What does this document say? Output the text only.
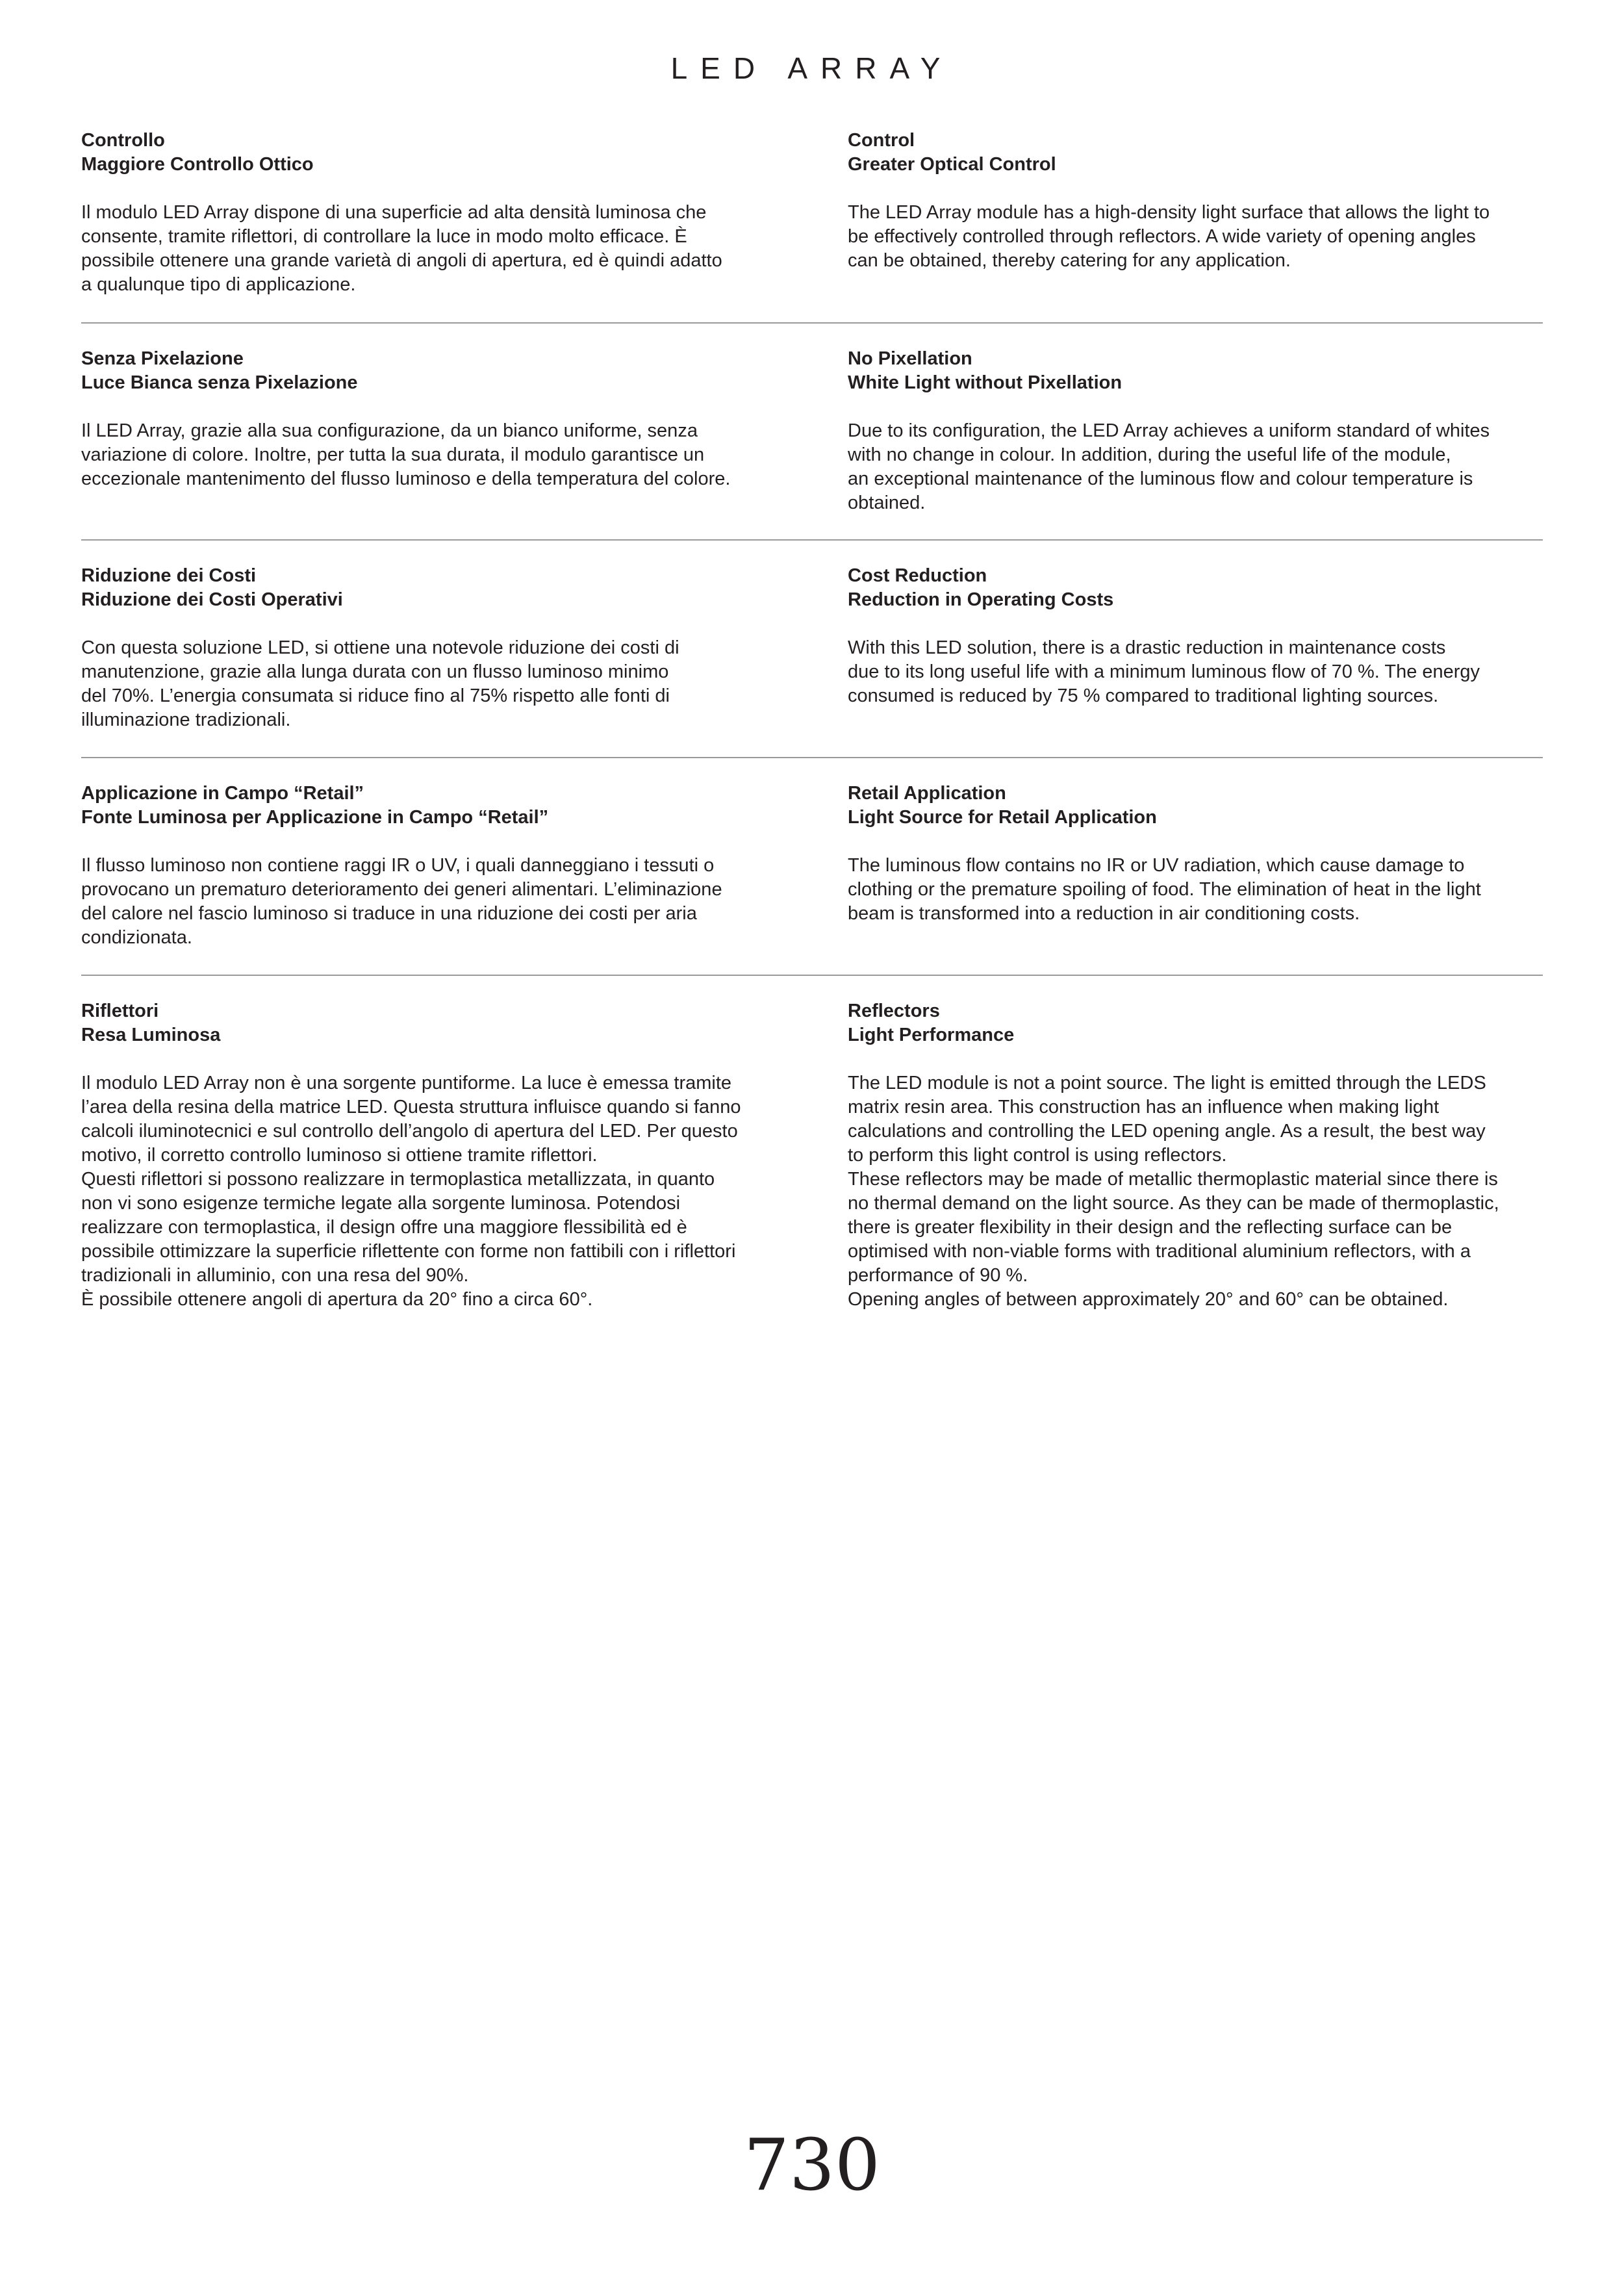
LED ARRAY

Controllo

Maggiore Controllo Ottico

Il modulo LED Array dispone di una superficie ad alta densità luminosa che
consente, tramite riflettori, di controllare la luce in modo molto efficace. È
possibile ottenere una grande varietà di angoli di apertura, ed è quindi adatto
a qualunque tipo di applicazione.

Control

Greater Optical Control

The LED Array module has a high-density light surface that allows the light to
be effectively controlled through reflectors. A wide variety of opening angles
can be obtained, thereby catering for any application.

Senza Pixelazione

Luce Bianca senza Pixelazione

Il LED Array, grazie alla sua configurazione, da un bianco uniforme, senza
variazione di colore. Inoltre, per tutta la sua durata, il modulo garantisce un
eccezionale mantenimento del flusso luminoso e della temperatura del colore.

No Pixellation

White Light without Pixellation

Due to its configuration, the LED Array achieves a uniform standard of whites
with no change in colour. In addition, during the useful life of the module,
an exceptional maintenance of the luminous flow and colour temperature is
obtained.

Riduzione dei Costi

Riduzione dei Costi Operativi

Con questa soluzione LED, si ottiene una notevole riduzione dei costi di
manutenzione, grazie alla lunga durata con un flusso luminoso minimo
del 70%. L’energia consumata si riduce fino al 75% rispetto alle fonti di
illuminazione tradizionali.

Cost Reduction

Reduction in Operating Costs

With this LED solution, there is a drastic reduction in maintenance costs
due to its long useful life with a minimum luminous flow of 70 %. The energy
consumed is reduced by 75 % compared to traditional lighting sources.

Applicazione in Campo “Retail”

Fonte Luminosa per Applicazione in Campo “Retail”

Il flusso luminoso non contiene raggi IR o UV, i quali danneggiano i tessuti o
provocano un prematuro deterioramento dei generi alimentari. L’eliminazione
del calore nel fascio luminoso si traduce in una riduzione dei costi per aria
condizionata.

Retail Application

Light Source for Retail Application

The luminous flow contains no IR or UV radiation, which cause damage to
clothing or the premature spoiling of food. The elimination of heat in the light
beam is transformed into a reduction in air conditioning costs.

Riflettori

Resa Luminosa

Il modulo LED Array non è una sorgente puntiforme. La luce è emessa tramite
l’area della resina della matrice LED. Questa struttura influisce quando si fanno
calcoli iluminotecnici e sul controllo dell’angolo di apertura del LED. Per questo
motivo, il corretto controllo luminoso si ottiene tramite riflettori.
Questi riflettori si possono realizzare in termoplastica metallizzata, in quanto
non vi sono esigenze termiche legate alla sorgente luminosa. Potendosi
realizzare con termoplastica, il design offre una maggiore flessibilità ed è
possibile ottimizzare la superficie riflettente con forme non fattibili con i riflettori
tradizionali in alluminio, con una resa del 90%.
È possibile ottenere angoli di apertura da 20° fino a circa 60°.

Reflectors

Light Performance

The LED module is not a point source. The light is emitted through the LEDS
matrix resin area. This construction has an influence when making light
calculations and controlling the LED opening angle. As a result, the best way
to perform this light control is using reflectors.
These reflectors may be made of metallic thermoplastic material since there is
no thermal demand on the light source. As they can be made of thermoplastic,
there is greater flexibility in their design and the reflecting surface can be
optimised with non-viable forms with traditional aluminium reflectors, with a
performance of 90 %.
Opening angles of between approximately 20° and 60° can be obtained.

730
